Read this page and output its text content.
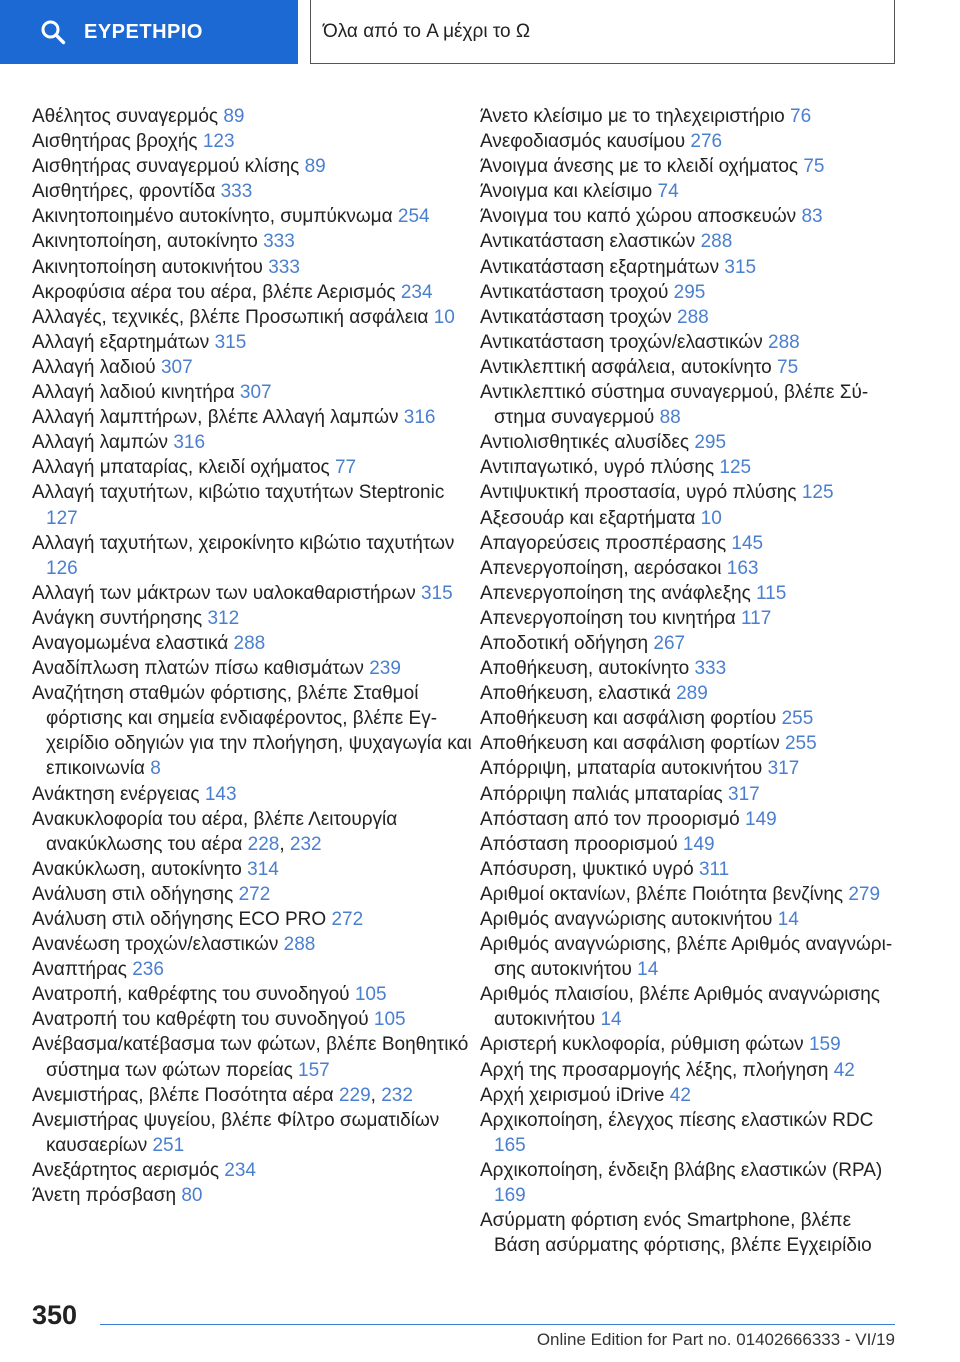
ΕΥΡΕΤΗΡΙΟ	Όλα από το A μέχρι το Ω
Αθέλητος συναγερμός 89
Αισθητήρας βροχής 123
Αισθητήρας συναγερμού κλίσης 89
Αισθητήρες, φροντίδα 333
Ακινητοποιημένο αυτοκίνητο, συμπύκνωμα 254
Ακινητοποίηση, αυτοκίνητο 333
Ακινητοποίηση αυτοκινήτου 333
Ακροφύσια αέρα του αέρα, βλέπε Αερισμός 234
Αλλαγές, τεχνικές, βλέπε Προσωπική ασφάλεια 10
Αλλαγή εξαρτημάτων 315
Αλλαγή λαδιού 307
Αλλαγή λαδιού κινητήρα 307
Αλλαγή λαμπτήρων, βλέπε Αλλαγή λαμπών 316
Αλλαγή λαμπών 316
Αλλαγή μπαταρίας, κλειδί οχήματος 77
Αλλαγή ταχυτήτων, κιβώτιο ταχυτήτων Steptronic 127
Αλλαγή ταχυτήτων, χειροκίνητο κιβώτιο ταχυτήτων 126
Αλλαγή των μάκτρων των υαλοκαθαριστήρων 315
Ανάγκη συντήρησης 312
Αναγομωμένα ελαστικά 288
Αναδίπλωση πλατών πίσω καθισμάτων 239
Αναζήτηση σταθμών φόρτισης, βλέπε Σταθμοί φόρτισης και σημεία ενδιαφέροντος, βλέπε Εγχειρίδιο οδηγιών για την πλοήγηση, ψυχαγωγία και επικοινωνία 8
Ανάκτηση ενέργειας 143
Ανακυκλοφορία του αέρα, βλέπε Λειτουργία ανακύκλωσης του αέρα 228, 232
Ανακύκλωση, αυτοκίνητο 314
Ανάλυση στιλ οδήγησης 272
Ανάλυση στιλ οδήγησης ECO PRO 272
Ανανέωση τροχών/ελαστικών 288
Αναπτήρας 236
Ανατροπή, καθρέφτης του συνοδηγού 105
Ανατροπή του καθρέφτη του συνοδηγού 105
Ανέβασμα/κατέβασμα των φώτων, βλέπε Βοηθητικό σύστημα των φώτων πορείας 157
Ανεμιστήρας, βλέπε Ποσότητα αέρα 229, 232
Ανεμιστήρας ψυγείου, βλέπε Φίλτρο σωματιδίων καυσαερίων 251
Ανεξάρτητος αερισμός 234
Άνετη πρόσβαση 80
Άνετο κλείσιμο με το τηλεχειριστήριο 76
Ανεφοδιασμός καυσίμου 276
Άνοιγμα άνεσης με το κλειδί οχήματος 75
Άνοιγμα και κλείσιμο 74
Άνοιγμα του καπό χώρου αποσκευών 83
Αντικατάσταση ελαστικών 288
Αντικατάσταση εξαρτημάτων 315
Αντικατάσταση τροχού 295
Αντικατάσταση τροχών 288
Αντικατάσταση τροχών/ελαστικών 288
Αντικλεπτική ασφάλεια, αυτοκίνητο 75
Αντικλεπτικό σύστημα συναγερμού, βλέπε Σύστημα συναγερμού 88
Αντιολισθητικές αλυσίδες 295
Αντιπαγωτικό, υγρό πλύσης 125
Αντιψυκτική προστασία, υγρό πλύσης 125
Αξεσουάρ και εξαρτήματα 10
Απαγορεύσεις προσπέρασης 145
Απενεργοποίηση, αερόσακοι 163
Απενεργοποίηση της ανάφλεξης 115
Απενεργοποίηση του κινητήρα 117
Αποδοτική οδήγηση 267
Αποθήκευση, αυτοκίνητο 333
Αποθήκευση, ελαστικά 289
Αποθήκευση και ασφάλιση φορτίου 255
Αποθήκευση και ασφάλιση φορτίων 255
Απόρριψη, μπαταρία αυτοκινήτου 317
Απόρριψη παλιάς μπαταρίας 317
Απόσταση από τον προορισμό 149
Απόσταση προορισμού 149
Απόσυρση, ψυκτικό υγρό 311
Αριθμοί οκτανίων, βλέπε Ποιότητα βενζίνης 279
Αριθμός αναγνώρισης αυτοκινήτου 14
Αριθμός αναγνώρισης, βλέπε Αριθμός αναγνώρισης αυτοκινήτου 14
Αριθμός πλαισίου, βλέπε Αριθμός αναγνώρισης αυτοκινήτου 14
Αριστερή κυκλοφορία, ρύθμιση φώτων 159
Αρχή της προσαρμογής λέξης, πλοήγηση 42
Αρχή χειρισμού iDrive 42
Αρχικοποίηση, έλεγχος πίεσης ελαστικών RDC 165
Αρχικοποίηση, ένδειξη βλάβης ελαστικών (RPA) 169
Ασύρματη φόρτιση ενός Smartphone, βλέπε Βάση ασύρματης φόρτισης, βλέπε Εγχειρίδιο
350
Online Edition for Part no. 01402666333 - VI/19
